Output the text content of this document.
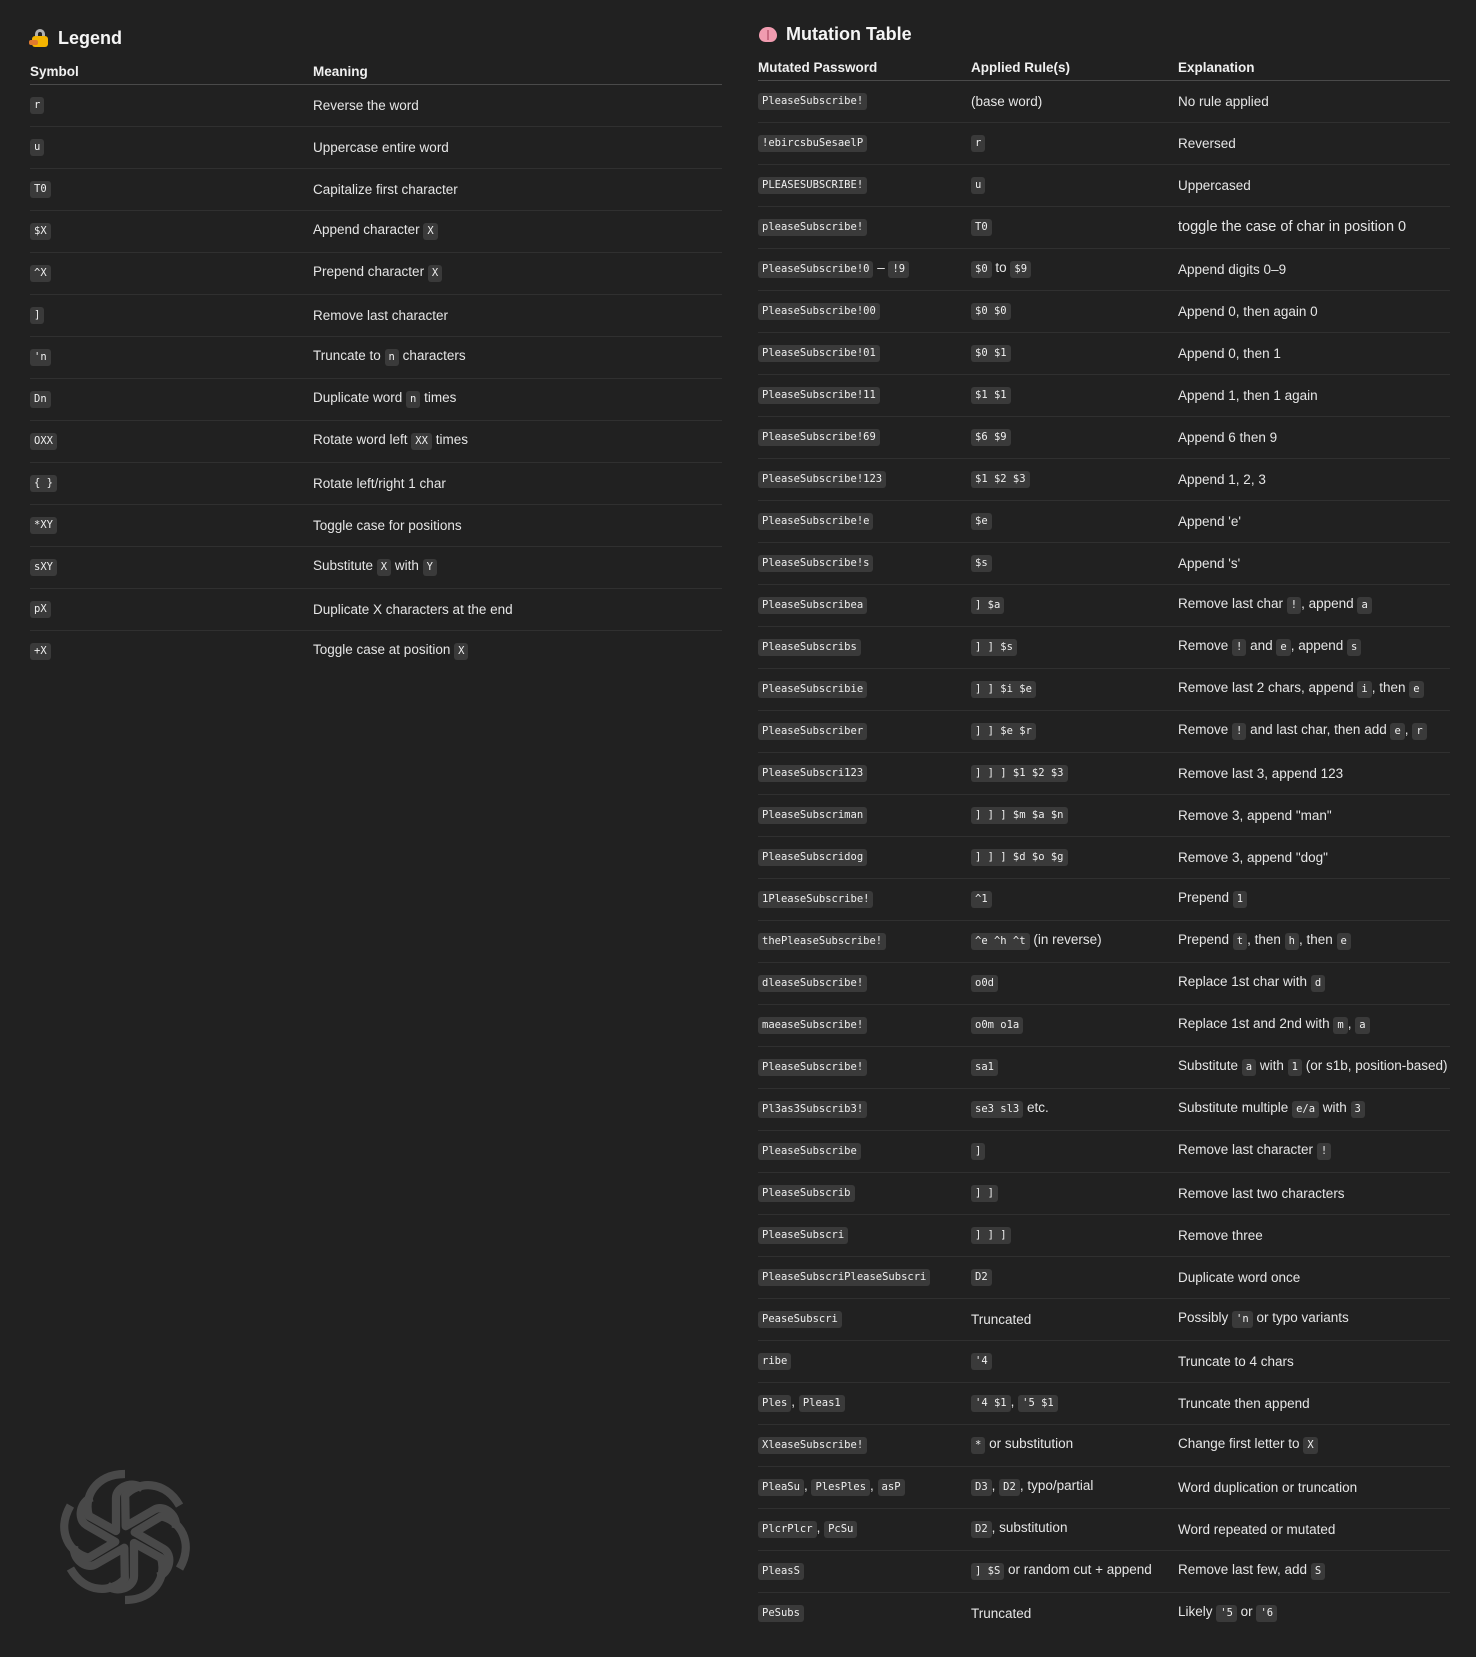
Legend
Symbol	Meaning
r	Reverse the word
u	Uppercase entire word
T0	Capitalize first character
$X	Append character X
^X	Prepend character X
]	Remove last character
'n	Truncate to n characters
Dn	Duplicate word n times
OXX	Rotate word left XX times
{ }	Rotate left/right 1 char
*XY	Toggle case for positions
sXY	Substitute X with Y
pX	Duplicate X characters at the end
+X	Toggle case at position X
Mutation Table
Mutated Password	Applied Rule(s)	Explanation
PleaseSubscribe!	(base word)	No rule applied
!ebircsbuSesaelP	r	Reversed
PLEASESUBSCRIBE!	u	Uppercased
pleaseSubscribe!	T0	toggle the case of char in position 0
PleaseSubscribe!0 – !9	$0 to $9	Append digits 0–9
PleaseSubscribe!00	$0 $0	Append 0, then again 0
PleaseSubscribe!01	$0 $1	Append 0, then 1
PleaseSubscribe!11	$1 $1	Append 1, then 1 again
PleaseSubscribe!69	$6 $9	Append 6 then 9
PleaseSubscribe!123	$1 $2 $3	Append 1, 2, 3
PleaseSubscribe!e	$e	Append 'e'
PleaseSubscribe!s	$s	Append 's'
PleaseSubscribea	] $a	Remove last char ! , append a
PleaseSubscribs	] ] $s	Remove ! and e , append s
PleaseSubscribie	] ] $i $e	Remove last 2 chars, append i , then e
PleaseSubscriber	] ] $e $r	Remove ! and last char, then add e , r
PleaseSubscri123	] ] ] $1 $2 $3	Remove last 3, append 123
PleaseSubscriman	] ] ] $m $a $n	Remove 3, append "man"
PleaseSubscridog	] ] ] $d $o $g	Remove 3, append "dog"
1PleaseSubscribe!	^1	Prepend 1
thePleaseSubscribe!	^e ^h ^t (in reverse)	Prepend t , then h , then e
dleaseSubscribe!	o0d	Replace 1st char with d
maeaseSubscribe!	o0m o1a	Replace 1st and 2nd with m , a
PleaseSubscribe!	sa1	Substitute a with 1 (or s1b, position-based)
Pl3as3Subscrib3!	se3 sl3 etc.	Substitute multiple e/a with 3
PleaseSubscribe	]	Remove last character !
PleaseSubscrib	] ]	Remove last two characters
PleaseSubscri	] ] ]	Remove three
PleaseSubscriPleaseSubscri	D2	Duplicate word once
PeaseSubscri	Truncated	Possibly 'n or typo variants
ribe	'4	Truncate to 4 chars
Ples , Pleas1	'4 $1 , '5 $1	Truncate then append
XleaseSubscribe!	* or substitution	Change first letter to X
PleaSu , PlesPles , asP	D3 , D2 , typo/partial	Word duplication or truncation
PlcrPlcr , PcSu	D2 , substitution	Word repeated or mutated
PleasS	] $S or random cut + append	Remove last few, add S
PeSubs	Truncated	Likely '5 or '6
